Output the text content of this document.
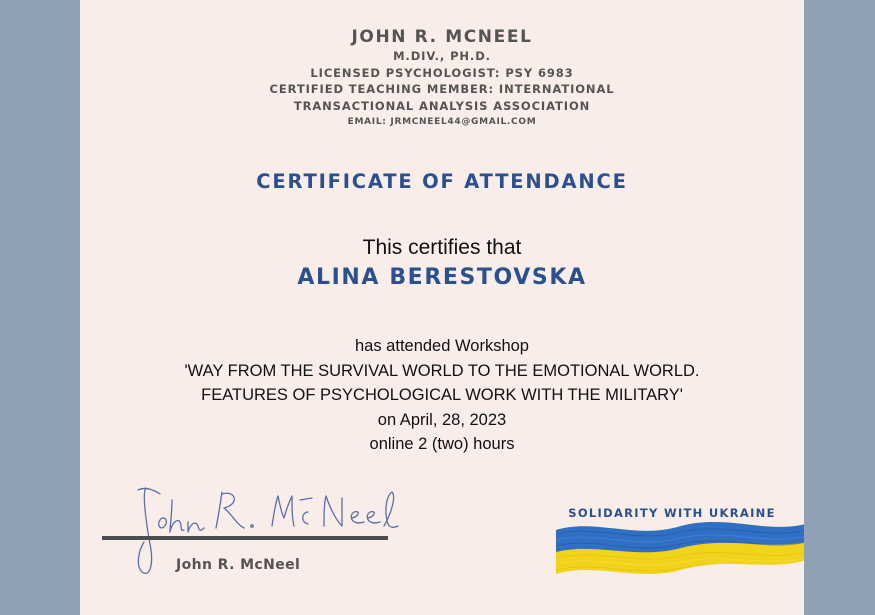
JOHN R. MCNEEL
M.DIV., PH.D.
LICENSED PSYCHOLOGIST: PSY 6983
CERTIFIED TEACHING MEMBER: INTERNATIONAL
TRANSACTIONAL ANALYSIS ASSOCIATION
EMAIL: JRMCNEEL44@GMAIL.COM
CERTIFICATE OF ATTENDANCE
This certifies that
ALINA BERESTOVSKA
has attended Workshop
'WAY FROM THE SURVIVAL WORLD TO THE EMOTIONAL WORLD.
FEATURES OF PSYCHOLOGICAL WORK WITH THE MILITARY'
on April, 28, 2023
online 2 (two) hours
John R. McNeel
SOLIDARITY WITH UKRAINE
